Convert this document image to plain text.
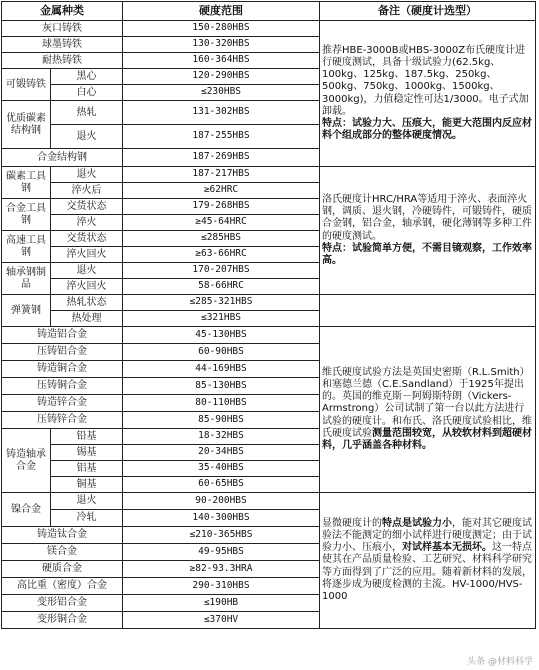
金属种类		硬度范围	备注（硬度计选型）
灰口铸铁		150-280HBS	推荐HBE-3000B或HBS-3000Z布氏硬度计进行硬度测试，具备十级试验力(62.5kg、100kg、125kg、187.5kg、250kg、500kg、750kg、1000kg、1500kg、3000kg)，力值稳定性可达1/3000。电子式加卸载。
特点：试验力大、压痕大，能更大范围内反应材料个组成部分的整体硬度情况。
球墨铸铁		130-320HBS	
耐热铸铁		160-364HBS	
可锻铸铁	黑心	120-290HBS	
	白心	≤230HBS	
优质碳素结构钢	热轧	131-302HBS	
	退火	187-255HBS	
合金结构钢		187-269HBS	
碳素工具钢	退火	187-217HBS	洛氏硬度计HRC/HRA等适用于淬火、表面淬火钢，调质、退火钢，冷硬铸件，可锻铸件，硬质合金钢，铝合金，轴承钢，硬化薄钢等多种工件的硬度测试。
特点：试验简单方便，不需目镜观察，工作效率高。
	淬火后	≥62HRC	
合金工具钢	交货状态	179-268HBS	
	淬火	≥45-64HRC	
高速工具钢	交货状态	≤285HBS	
	淬火回火	≥63-66HRC	
轴承钢制品	退火	170-207HBS	
	淬火回火	58-66HRC	
弹簧钢	热轧状态	≤285-321HBS	
	热处理	≤321HBS	
铸造铝合金		45-130HBS	维氏硬度试验方法是英国史密斯（R.L.Smith）和塞德兰德（C.E.Sandland）于1925年提出的。英国的维克斯－阿姆斯特朗（Vickers-Armstrong）公司试制了第一台以此方法进行试验的硬度计。和布氏、洛氏硬度试验相比，维氏硬度试验测量范围较宽，从较软材料到超硬材料，几乎涵盖各种材料。
压铸铝合金		60-90HBS	
铸造铜合金		44-169HBS	
压铸铜合金		85-130HBS	
铸造锌合金		80-110HBS	
压铸锌合金		85-90HBS	
铸造轴承合金	铅基	18-32HBS	
	锡基	20-34HBS	
	铝基	35-40HBS	
	铜基	60-65HBS	
镍合金	退火	90-200HBS	显微硬度计的特点是试验力小，能对其它硬度试验法不能测定的细小试样进行硬度测定；由于试验力小、压痕小，对试样基本无损坏。这一特点使其在产品质量检验、工艺研究、材料科学研究等方面得到了广泛的应用。随着新材料的发展，将逐步成为硬度检测的主流。HV-1000/HVS-1000
	冷轧	140-300HBS	
铸造钛合金		≤210-365HBS	
镁合金		49-95HBS	
硬质合金		≥82-93.3HRA	
高比重（密度）合金		290-310HBS	
变形铝合金		≤190HB	
变形铜合金		≤370HV	
头条 @材料科学
